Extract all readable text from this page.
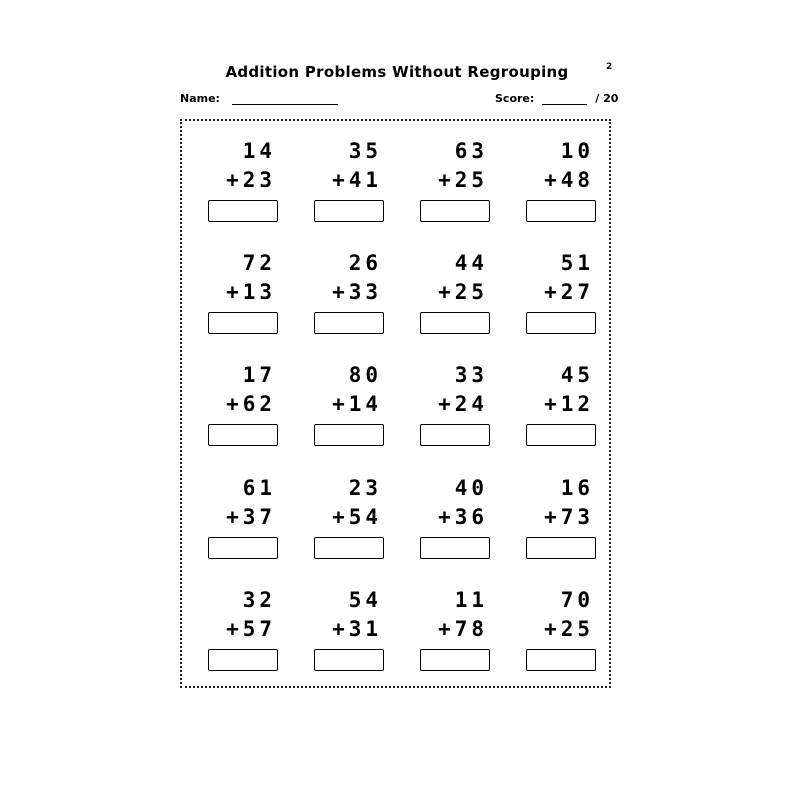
2
Addition Problems Without Regrouping
Name:	Score:	/ 20
14
+23
35
+41
63
+25
10
+48
72
+13
26
+33
44
+25
51
+27
17
+62
80
+14
33
+24
45
+12
61
+37
23
+54
40
+36
16
+73
32
+57
54
+31
11
+78
70
+25
